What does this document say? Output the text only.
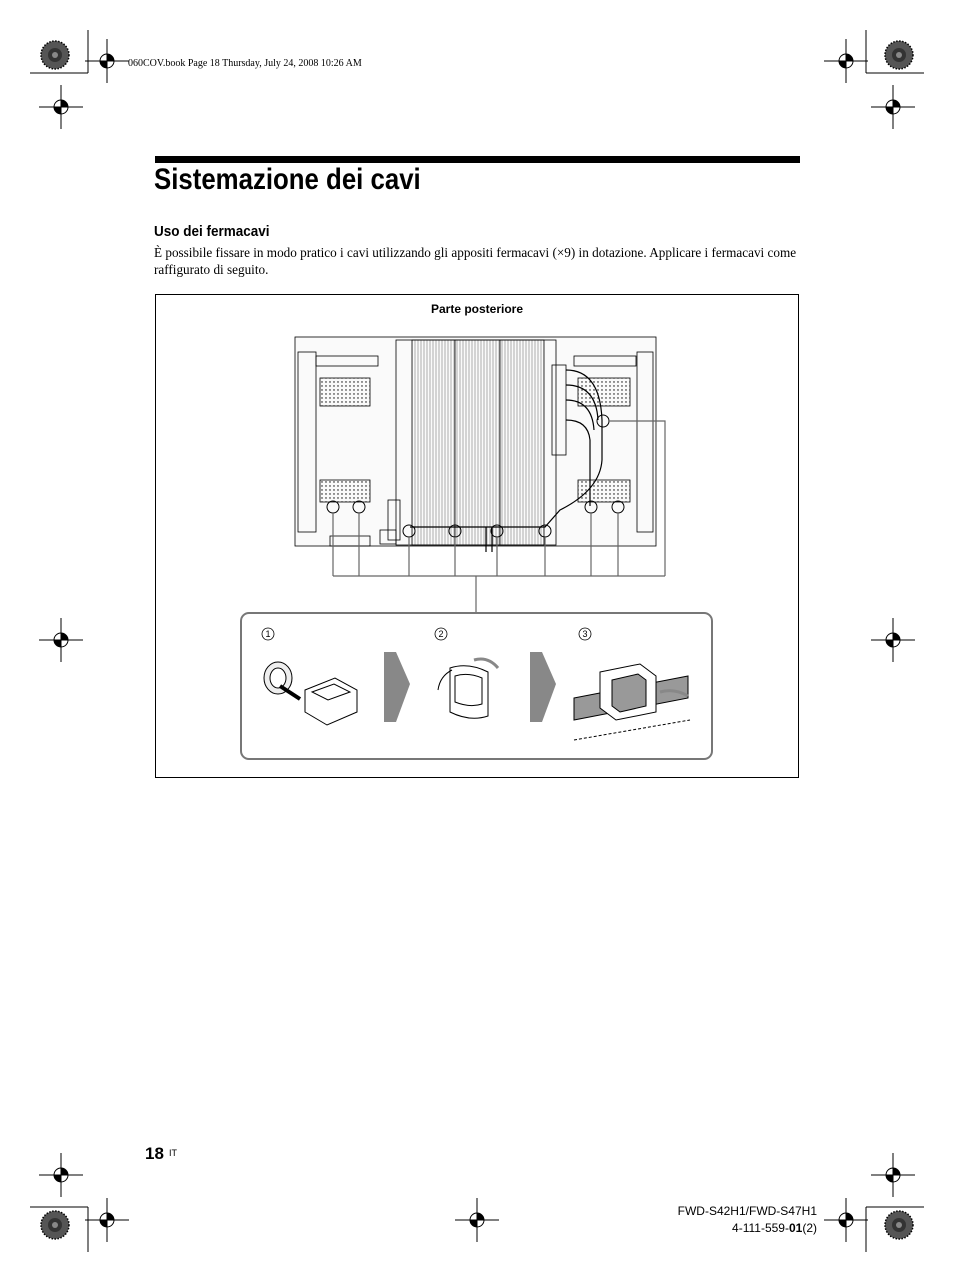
060COV.book Page 18 Thursday, July 24, 2008 10:26 AM
Sistemazione dei cavi
Uso dei fermacavi
È possibile fissare in modo pratico i cavi utilizzando gli appositi fermacavi (×9) in dotazione. Applicare i fermacavi come raffigurato di seguito.
Parte posteriore
1	2	3
18 IT
FWD-S42H1/FWD-S47H1
4-111-559-01(2)
